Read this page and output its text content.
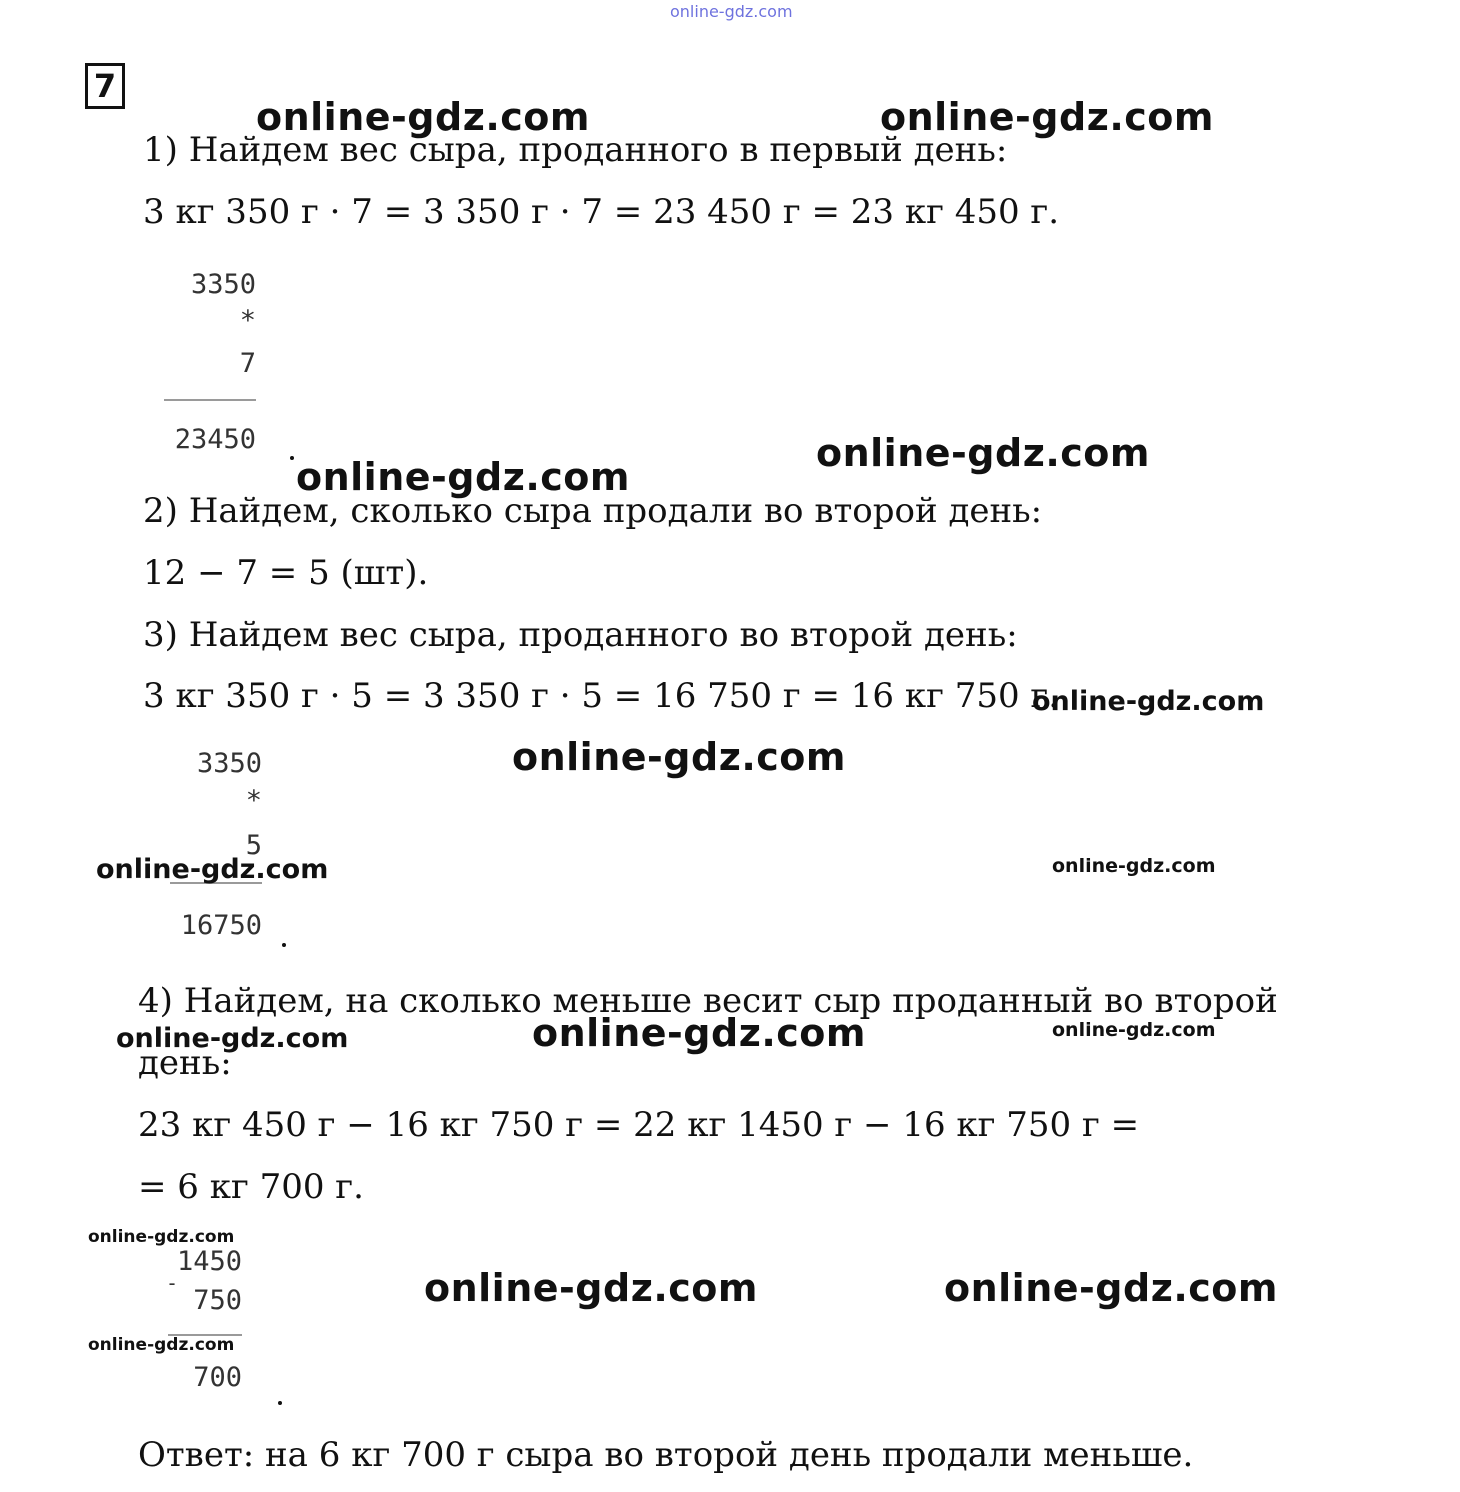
online-gdz.com
7
1) Найдем вес сыра, проданного в первый день:
3 кг 350 г · 7 = 3 350 г · 7 = 23 450 г = 23 кг 450 г.
3350
*
7
23450
2) Найдем, сколько сыра продали во второй день:
12 − 7 = 5 (шт).
3) Найдем вес сыра, проданного во второй день:
3 кг 350 г · 5 = 3 350 г · 5 = 16 750 г = 16 кг 750 г.
3350
*
5
16750
4) Найдем, на сколько меньше весит сыр проданный во второй
день:
23 кг 450 г − 16 кг 750 г = 22 кг 1450 г − 16 кг 750 г =
= 6 кг 700 г.
1450
-
750
700
Ответ: на 6 кг 700 г сыра во второй день продали меньше.
online-gdz.com	online-gdz.com
online-gdz.com
online-gdz.com
online-gdz.com
online-gdz.com
online-gdz.com	online-gdz.com
online-gdz.com
online-gdz.com	online-gdz.com
online-gdz.com
online-gdz.com	online-gdz.com
online-gdz.com
